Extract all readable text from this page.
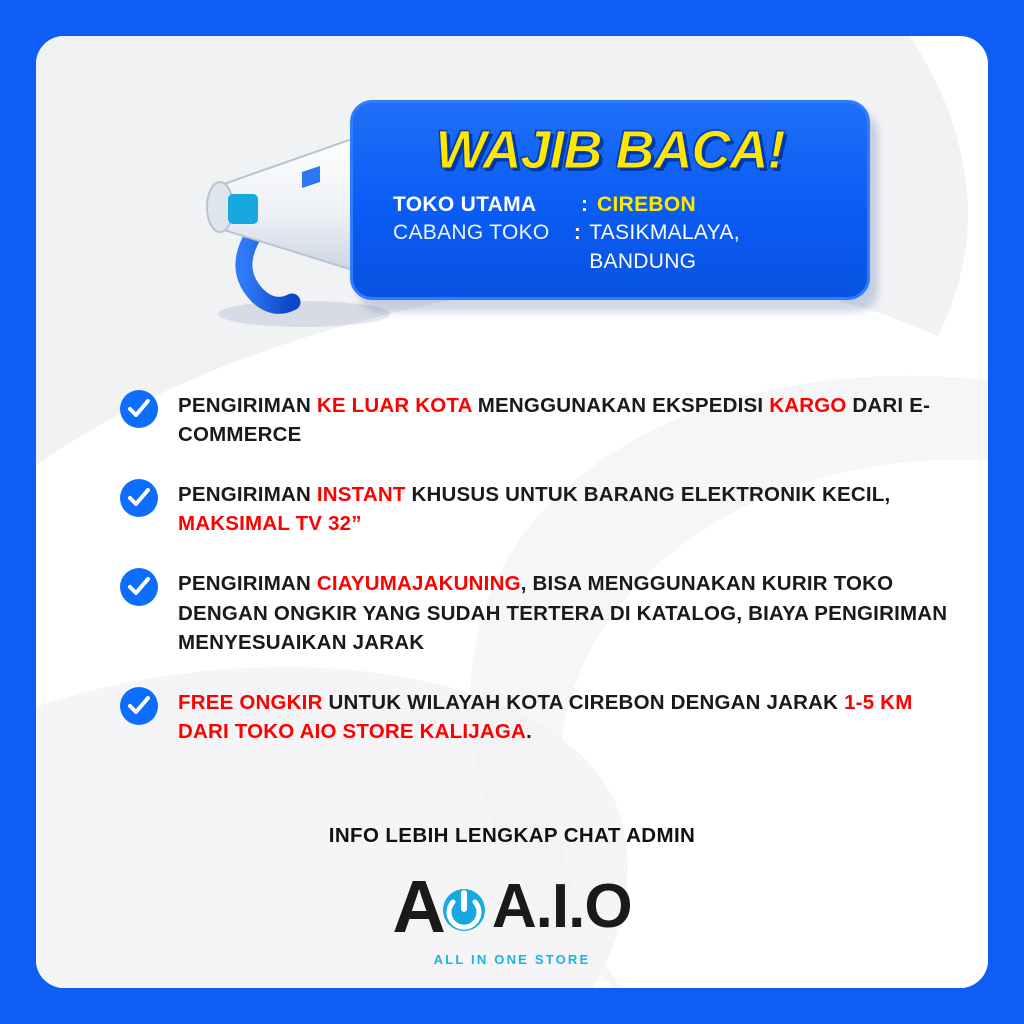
WAJIB BACA!
TOKO UTAMA	: CIREBON
CABANG TOKO	: TASIKMALAYA, BANDUNG
PENGIRIMAN KE LUAR KOTA MENGGUNAKAN EKSPEDISI KARGO DARI E-COMMERCE
PENGIRIMAN INSTANT KHUSUS UNTUK BARANG ELEKTRONIK KECIL, MAKSIMAL TV 32”
PENGIRIMAN CIAYUMAJAKUNING, BISA MENGGUNAKAN KURIR TOKO DENGAN ONGKIR YANG SUDAH TERTERA DI KATALOG, BIAYA PENGIRIMAN MENYESUAIKAN JARAK
FREE ONGKIR UNTUK WILAYAH KOTA CIREBON DENGAN JARAK 1-5 KM DARI TOKO AIO STORE KALIJAGA.
INFO LEBIH LENGKAP CHAT ADMIN
A A.I.O
ALL IN ONE STORE
